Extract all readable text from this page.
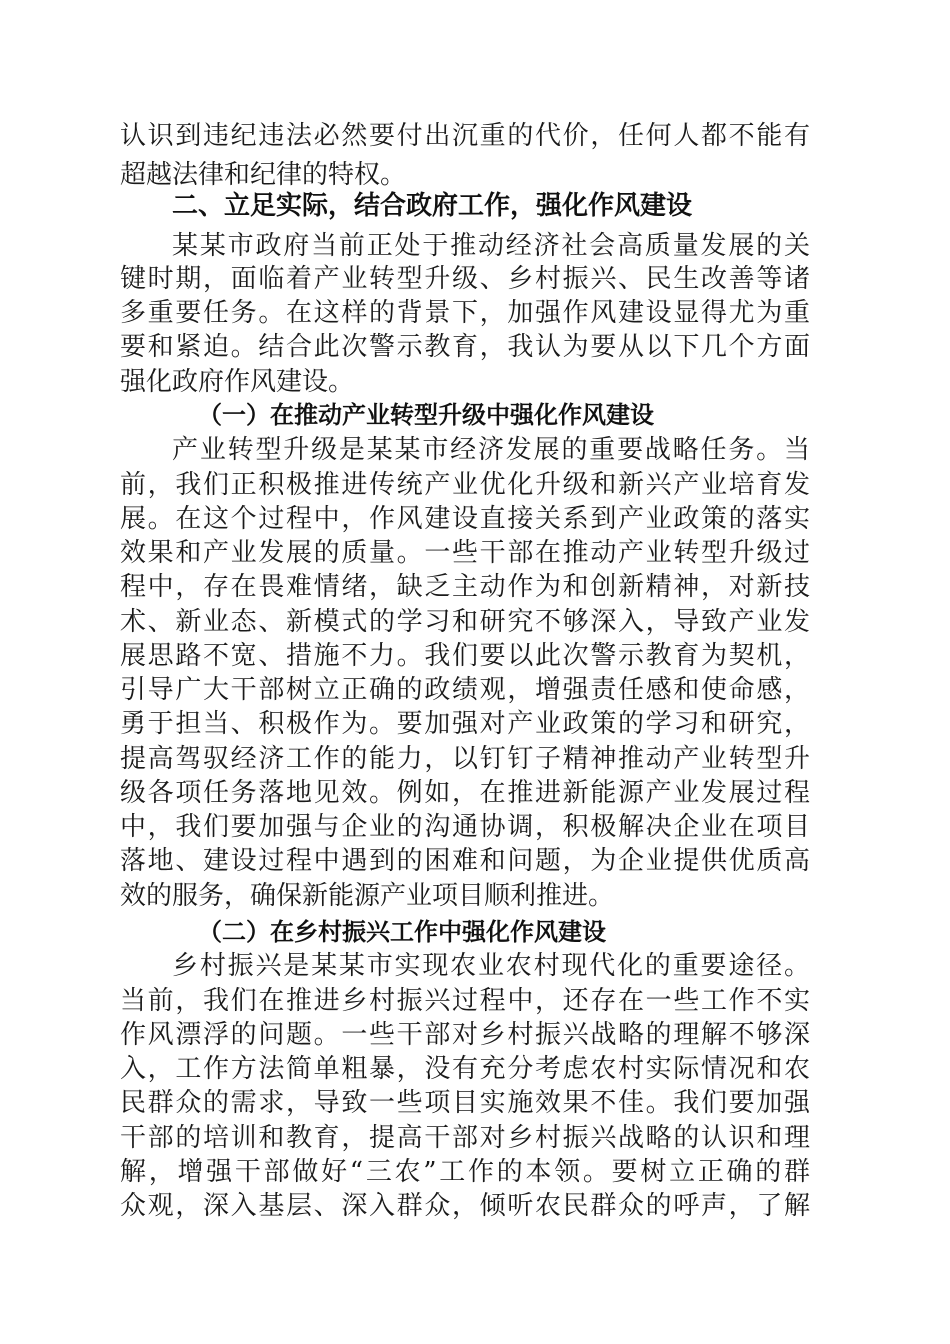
认识到违纪违法必然要付出沉重的代价，任何人都不能有
超越法律和纪律的特权。
二、立足实际，结合政府工作，强化作风建设
某某市政府当前正处于推动经济社会高质量发展的关
键时期，面临着产业转型升级、乡村振兴、民生改善等诸
多重要任务。在这样的背景下，加强作风建设显得尤为重
要和紧迫。结合此次警示教育，我认为要从以下几个方面
强化政府作风建设。
（一）在推动产业转型升级中强化作风建设
产业转型升级是某某市经济发展的重要战略任务。当
前，我们正积极推进传统产业优化升级和新兴产业培育发
展。在这个过程中，作风建设直接关系到产业政策的落实
效果和产业发展的质量。一些干部在推动产业转型升级过
程中，存在畏难情绪，缺乏主动作为和创新精神，对新技
术、新业态、新模式的学习和研究不够深入，导致产业发
展思路不宽、措施不力。我们要以此次警示教育为契机，
引导广大干部树立正确的政绩观，增强责任感和使命感，
勇于担当、积极作为。要加强对产业政策的学习和研究，
提高驾驭经济工作的能力，以钉钉子精神推动产业转型升
级各项任务落地见效。例如，在推进新能源产业发展过程
中，我们要加强与企业的沟通协调，积极解决企业在项目
落地、建设过程中遇到的困难和问题，为企业提供优质高
效的服务，确保新能源产业项目顺利推进。
（二）在乡村振兴工作中强化作风建设
乡村振兴是某某市实现农业农村现代化的重要途径。
当前，我们在推进乡村振兴过程中，还存在一些工作不实
作风漂浮的问题。一些干部对乡村振兴战略的理解不够深
入，工作方法简单粗暴，没有充分考虑农村实际情况和农
民群众的需求，导致一些项目实施效果不佳。我们要加强
干部的培训和教育，提高干部对乡村振兴战略的认识和理
解，增强干部做好“三农”工作的本领。要树立正确的群
众观，深入基层、深入群众，倾听农民群众的呼声，了解
